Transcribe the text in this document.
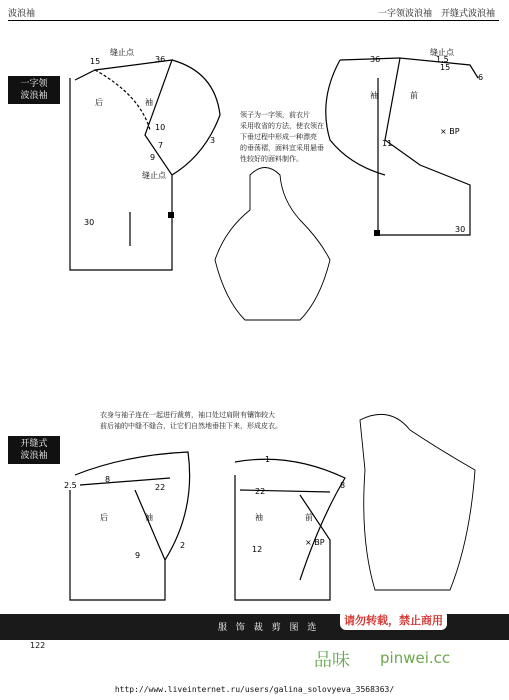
波浪袖	一字领波浪袖　开缝式波浪袖
一字领
波浪袖
开缝式
波浪袖
领子为一字领，前衣片
采用收省的方法，使衣领在
下垂过程中形成一种漂亮
的垂荡褶，面料宜采用悬垂
性较好的面料制作。
衣身与袖子连在一起进行裁剪，袖口处过肩附有镶饰较大
前后袖的中缝不缝合，让它们自然地垂挂下来，形成皮衣。
后	袖
36
15
缝止点
30
10
9
7
3
缝止点
袖	前
× BP
36
15
缝止点
30
11
6
1.5
后	袖
2.5	22
9
2
8
袖	前
× BP
12
22
8
1
服 饰 裁 剪 图 选
122
请勿转载，禁止商用
品味 pinwei.cc
http://www.liveinternet.ru/users/galina_solovyeva_3568363/
